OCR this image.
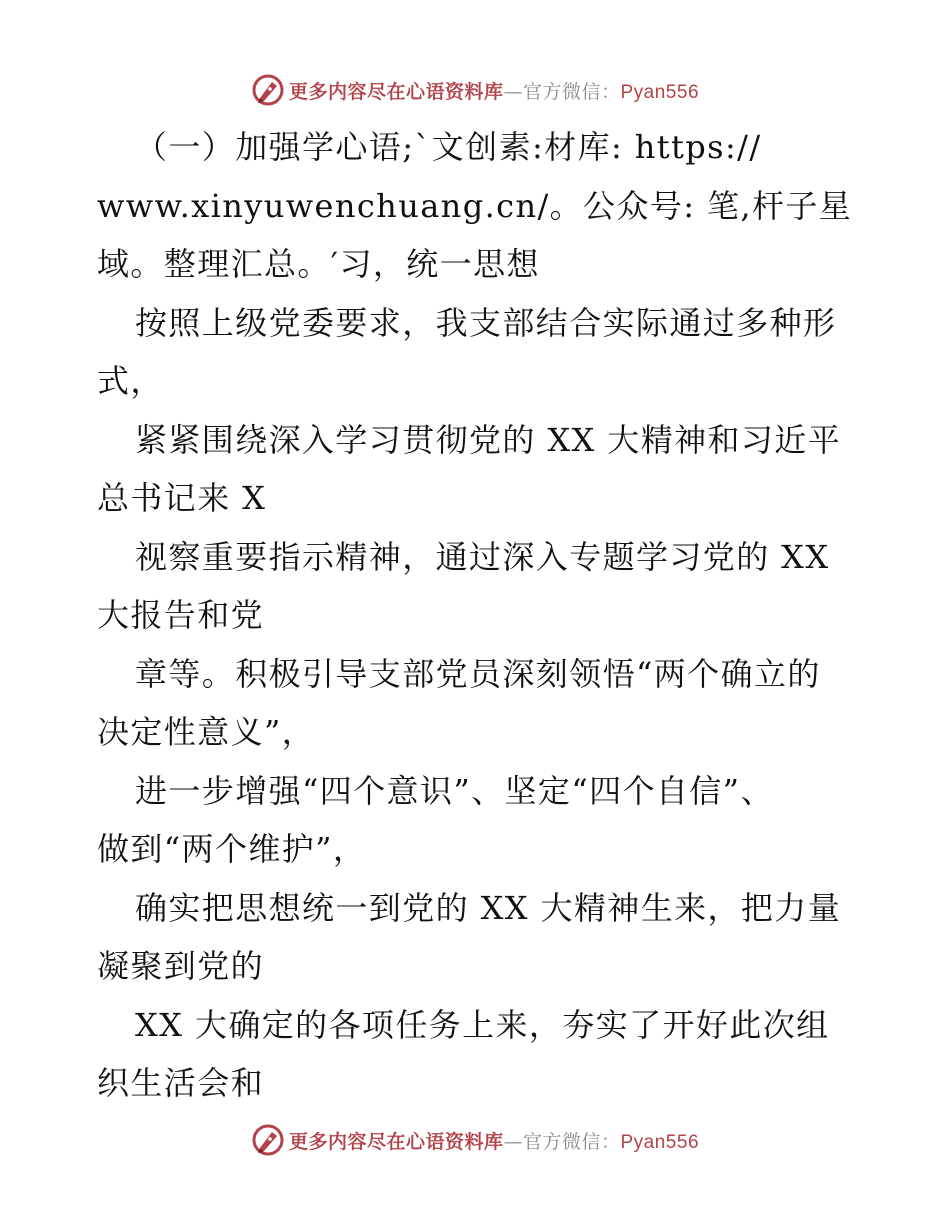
更多内容尽在心语资料库—官方微信：Pyan556
（一）加强学心语;`文创素:材库: https://
www.xinyuwenchuang.cn/。公众号: 笔,杆子星
域。整理汇总。′习，统一思想
按照上级党委要求，我支部结合实际通过多种形
式，
紧紧围绕深入学习贯彻党的 XX 大精神和习近平
总书记来 X
视察重要指示精神，通过深入专题学习党的 XX
大报告和党
章等。积极引导支部党员深刻领悟“两个确立的
决定性意义”，
进一步增强“四个意识”、坚定“四个自信”、
做到“两个维护”，
确实把思想统一到党的 XX 大精神生来，把力量
凝聚到党的
XX 大确定的各项任务上来，夯实了开好此次组
织生活会和
更多内容尽在心语资料库—官方微信：Pyan556
